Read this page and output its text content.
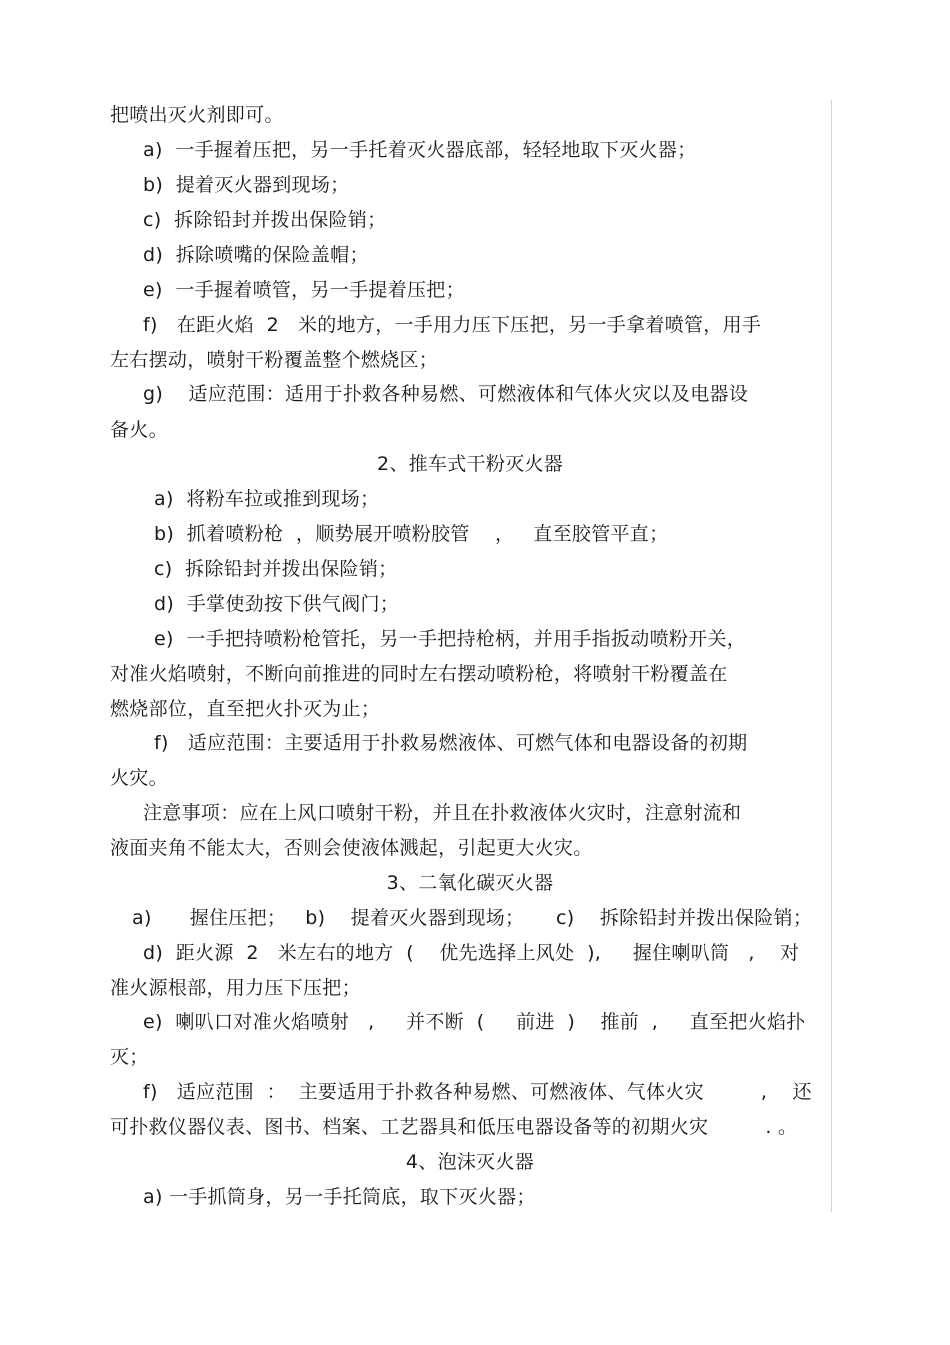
把喷出灭火剂即可。

a)  一手握着压把，另一手托着灭火器底部，轻轻地取下灭火器；

b)  提着灭火器到现场；

c)  拆除铅封并拨出保险销；

d)  拆除喷嘴的保险盖帽；

e)  一手握着喷管，另一手提着压把；

f)   在距火焰  2   米的地方，一手用力压下压把，另一手拿着喷管，用手

左右摆动，喷射干粉覆盖整个燃烧区；

g)    适应范围：适用于扑救各种易燃、可燃液体和气体火灾以及电器设

备火。

2、推车式干粉灭火器

a)  将粉车拉或推到现场；

b)  抓着喷粉枪  ，顺势展开喷粉胶管    ，   直至胶管平直；

c)  拆除铅封并拨出保险销；

d)  手掌使劲按下供气阀门；

e)  一手把持喷粉枪管托，另一手把持枪柄，并用手指扳动喷粉开关，

对准火焰喷射，不断向前推进的同时左右摆动喷粉枪，将喷射干粉覆盖在

燃烧部位，直至把火扑灭为止；

f)   适应范围：主要适用于扑救易燃液体、可燃气体和电器设备的初期

火灾。

注意事项：应在上风口喷射干粉，并且在扑救液体火灾时，注意射流和

液面夹角不能太大，否则会使液体溅起，引起更大火灾。

3、二氧化碳灭火器

a)      握住压把；   b)    提着灭火器到现场；     c)    拆除铅封并拨出保险销；

d)  距火源  2   米左右的地方  (    优先选择上风处  ),     握住喇叭筒   ,    对

准火源根部，用力压下压把；

e)  喇叭口对准火焰喷射   ,     并不断  (     前进  )    推前  ,     直至把火焰扑

灭；

f)   适应范围  ：  主要适用于扑救各种易燃、可燃液体、气体火灾         ,    还

可扑救仪器仪表、图书、档案、工艺器具和低压电器设备等的初期火灾         . 。

4、泡沫灭火器

a) 一手抓筒身，另一手托筒底，取下灭火器；
